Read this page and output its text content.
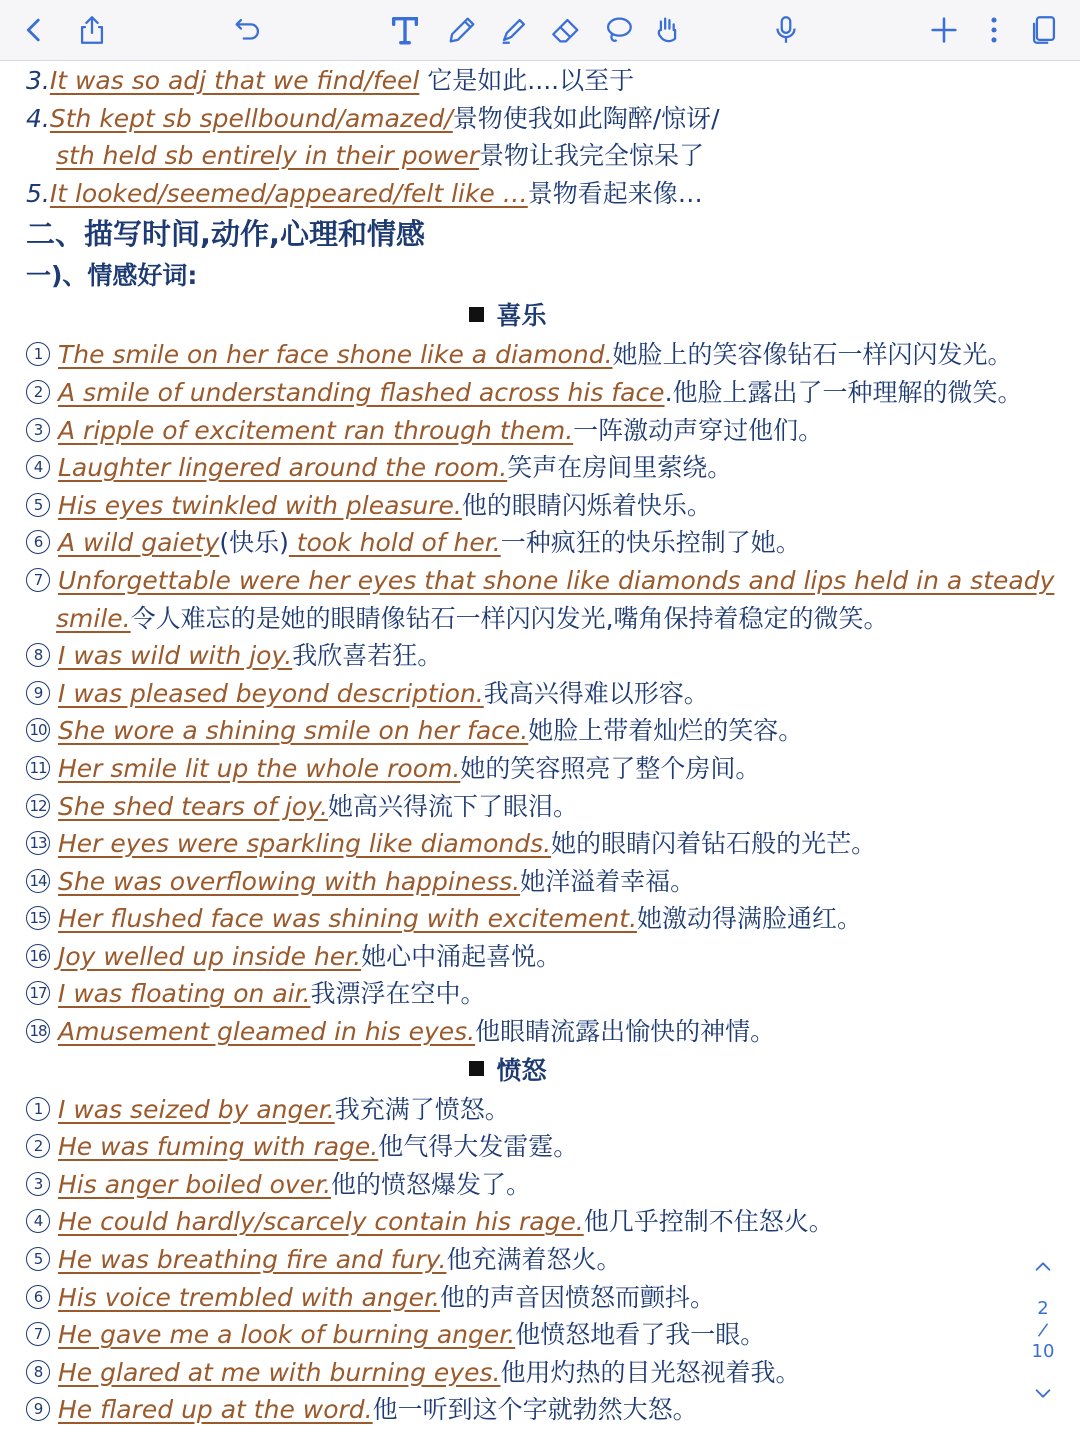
3.It was so adj that we find/feel 它是如此....以至于
4.Sth kept sb spellbound/amazed/景物使我如此陶醉/惊讶/
sth held sb entirely in their power景物让我完全惊呆了
5.It looked/seemed/appeared/felt like …景物看起来像…
二、描写时间,动作,心理和情感
一)、情感好词:
喜乐
1 The smile on her face shone like a diamond.她脸上的笑容像钻石一样闪闪发光。
2 A smile of understanding flashed across his face.他脸上露出了一种理解的微笑。
3 A ripple of excitement ran through them.一阵激动声穿过他们。
4 Laughter lingered around the room.笑声在房间里萦绕。
5 His eyes twinkled with pleasure.他的眼睛闪烁着快乐。
6 A wild gaiety(快乐) took hold of her.一种疯狂的快乐控制了她。
7 Unforgettable were her eyes that shone like diamonds and lips held in a steady
smile.令人难忘的是她的眼睛像钻石一样闪闪发光,嘴角保持着稳定的微笑。
8 I was wild with joy.我欣喜若狂。
9 I was pleased beyond description.我高兴得难以形容。
10 She wore a shining smile on her face.她脸上带着灿烂的笑容。
11 Her smile lit up the whole room.她的笑容照亮了整个房间。
12 She shed tears of joy.她高兴得流下了眼泪。
13 Her eyes were sparkling like diamonds.她的眼睛闪着钻石般的光芒。
14 She was overflowing with happiness.她洋溢着幸福。
15 Her flushed face was shining with excitement.她激动得满脸通红。
16 Joy welled up inside her.她心中涌起喜悦。
17 I was floating on air.我漂浮在空中。
18 Amusement gleamed in his eyes.他眼睛流露出愉快的神情。
愤怒
1 I was seized by anger.我充满了愤怒。
2 He was fuming with rage.他气得大发雷霆。
3 His anger boiled over.他的愤怒爆发了。
4 He could hardly/scarcely contain his rage.他几乎控制不住怒火。
5 He was breathing fire and fury.他充满着怒火。
6 His voice trembled with anger.他的声音因愤怒而颤抖。
7 He gave me a look of burning anger.他愤怒地看了我一眼。
8 He glared at me with burning eyes.他用灼热的目光怒视着我。
9 He flared up at the word.他一听到这个字就勃然大怒。
2
10
